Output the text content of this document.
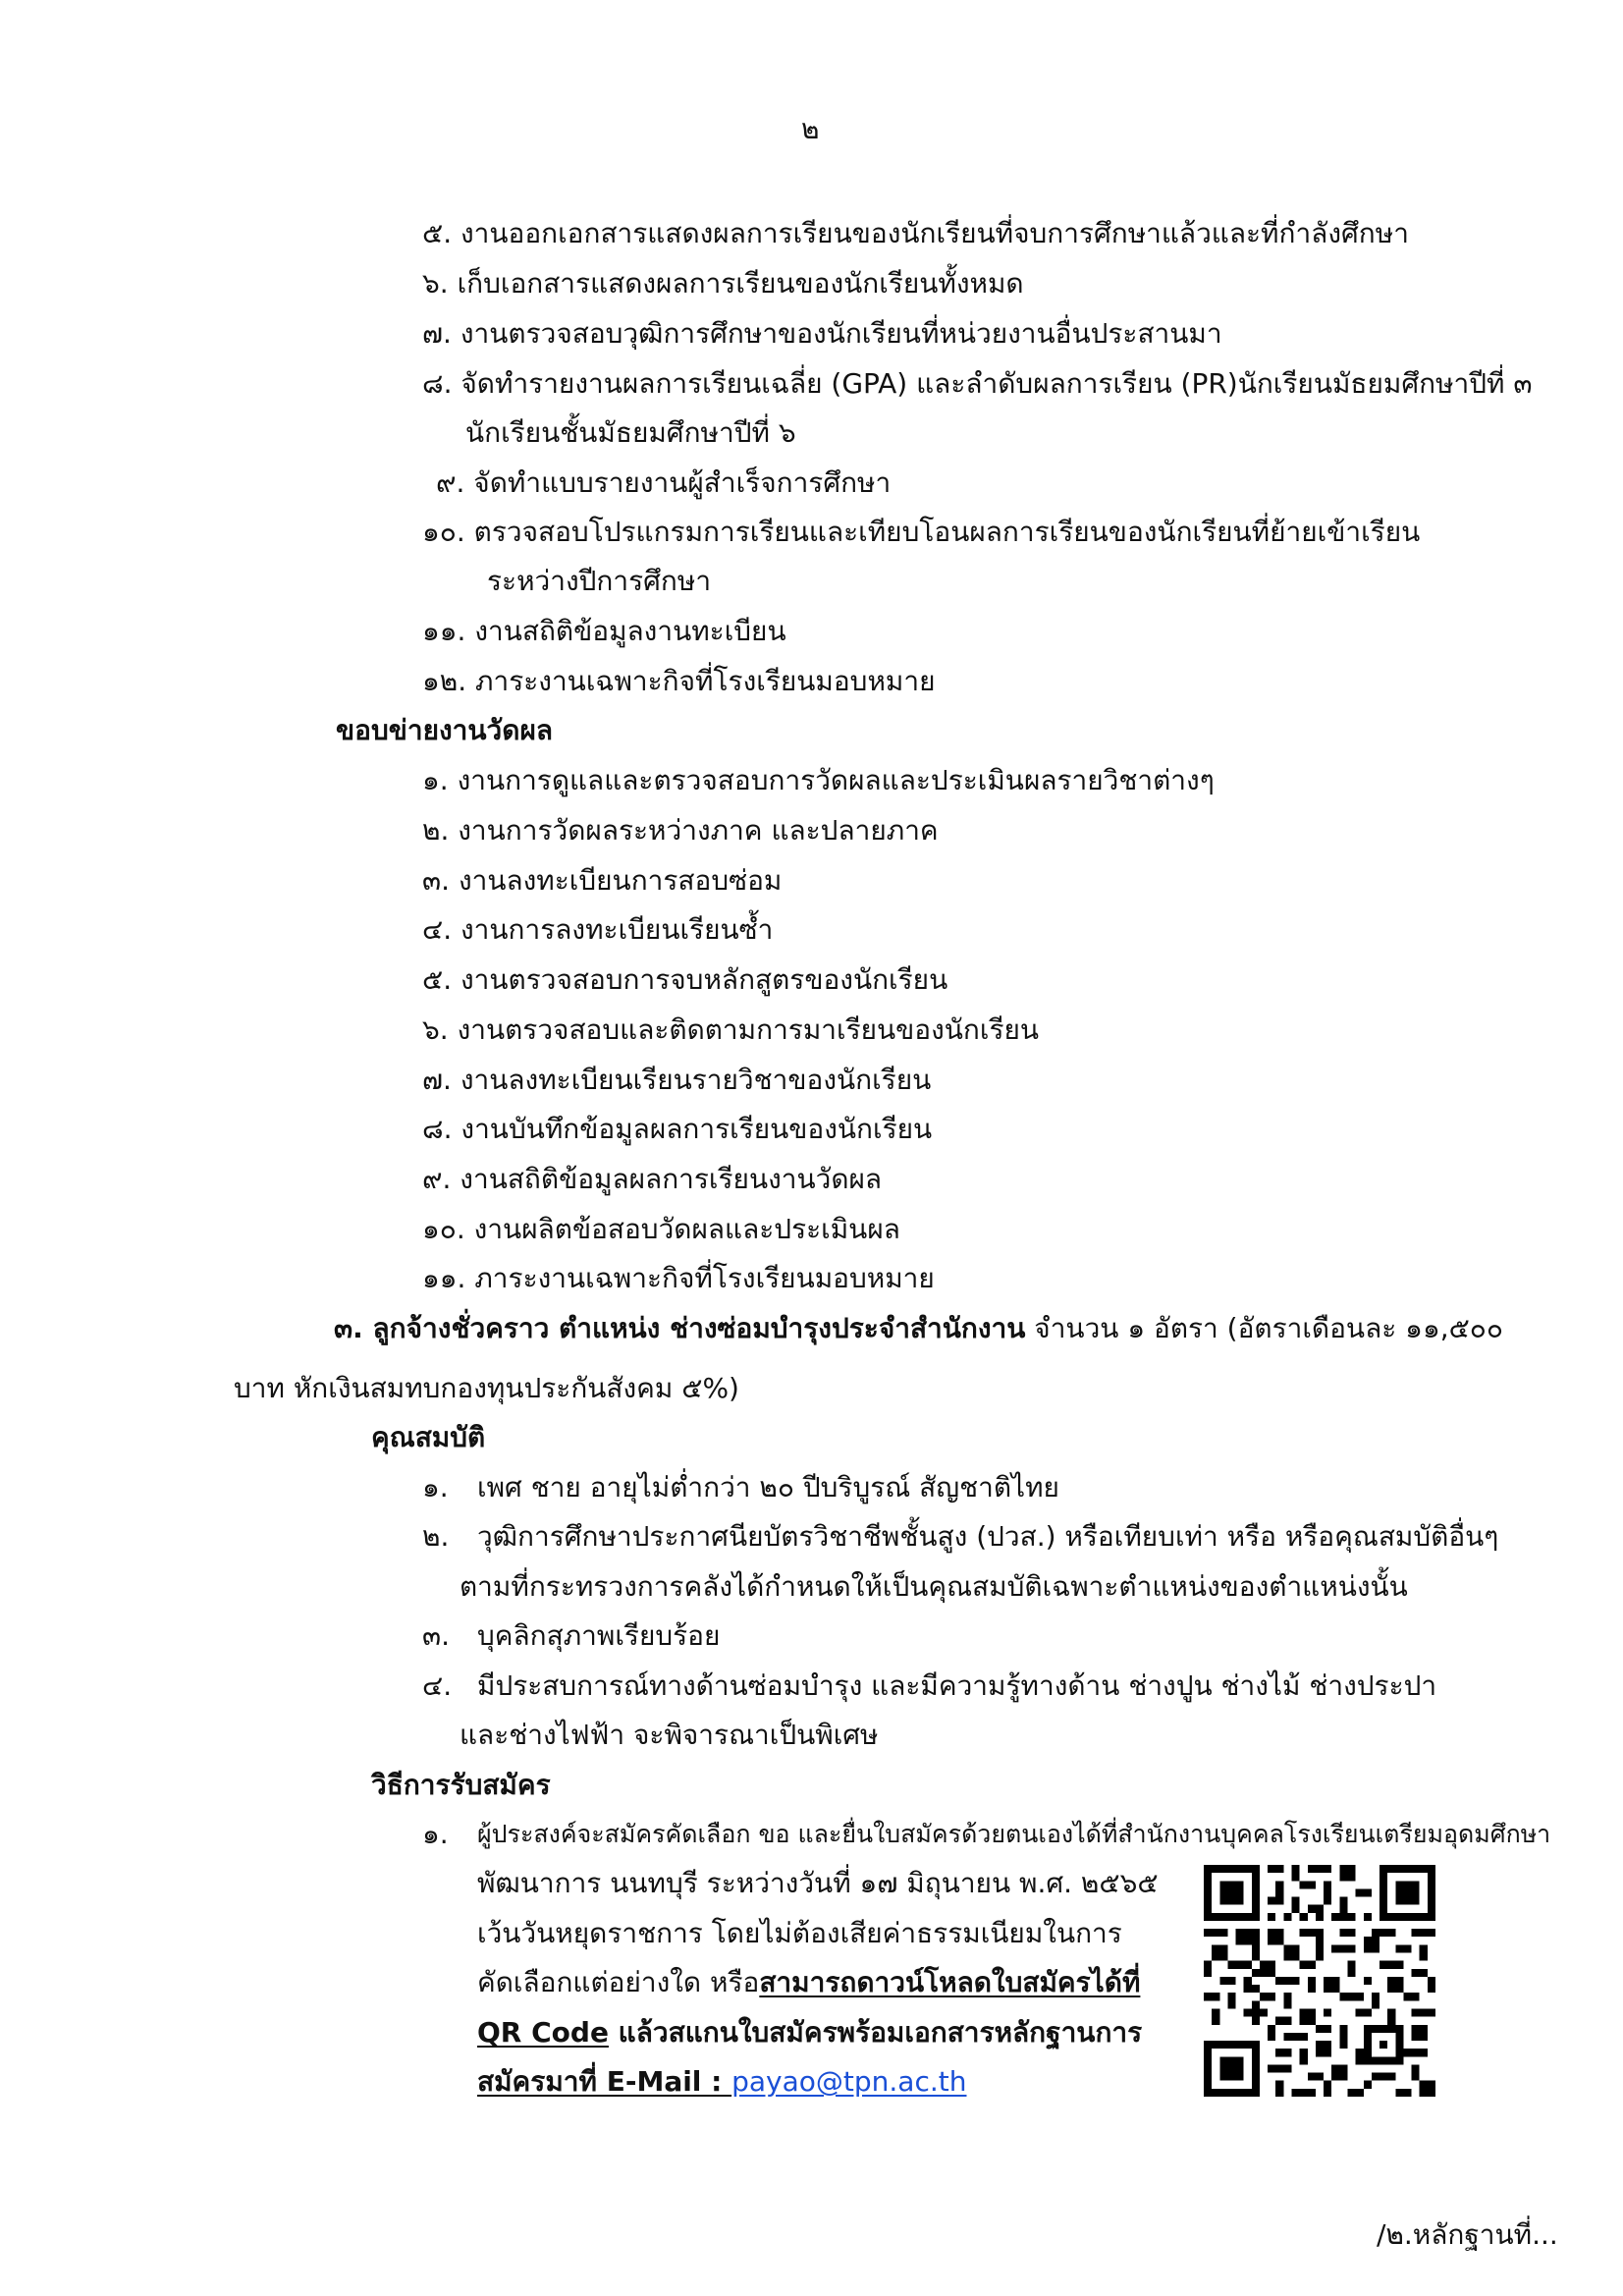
๒
๕. งานออกเอกสารแสดงผลการเรียนของนักเรียนที่จบการศึกษาแล้วและที่กำลังศึกษา
๖. เก็บเอกสารแสดงผลการเรียนของนักเรียนทั้งหมด
๗. งานตรวจสอบวุฒิการศึกษาของนักเรียนที่หน่วยงานอื่นประสานมา
๘. จัดทำรายงานผลการเรียนเฉลี่ย (GPA) และลำดับผลการเรียน (PR)นักเรียนมัธยมศึกษาปีที่ ๓
นักเรียนชั้นมัธยมศึกษาปีที่ ๖
๙. จัดทำแบบรายงานผู้สำเร็จการศึกษา
๑๐. ตรวจสอบโปรแกรมการเรียนและเทียบโอนผลการเรียนของนักเรียนที่ย้ายเข้าเรียน
ระหว่างปีการศึกษา
๑๑. งานสถิติข้อมูลงานทะเบียน
๑๒. ภาระงานเฉพาะกิจที่โรงเรียนมอบหมาย
ขอบข่ายงานวัดผล
๑. งานการดูแลและตรวจสอบการวัดผลและประเมินผลรายวิชาต่างๆ
๒. งานการวัดผลระหว่างภาค และปลายภาค
๓. งานลงทะเบียนการสอบซ่อม
๔. งานการลงทะเบียนเรียนซ้ำ
๕. งานตรวจสอบการจบหลักสูตรของนักเรียน
๖. งานตรวจสอบและติดตามการมาเรียนของนักเรียน
๗. งานลงทะเบียนเรียนรายวิชาของนักเรียน
๘. งานบันทึกข้อมูลผลการเรียนของนักเรียน
๙. งานสถิติข้อมูลผลการเรียนงานวัดผล
๑๐. งานผลิตข้อสอบวัดผลและประเมินผล
๑๑. ภาระงานเฉพาะกิจที่โรงเรียนมอบหมาย
๓. ลูกจ้างชั่วคราว ตำแหน่ง ช่างซ่อมบำรุงประจำสำนักงาน จำนวน ๑ อัตรา (อัตราเดือนละ ๑๑,๕๐๐
บาท หักเงินสมทบกองทุนประกันสังคม ๕%)
คุณสมบัติ
๑. เพศ ชาย อายุไม่ต่ำกว่า ๒๐ ปีบริบูรณ์ สัญชาติไทย
๒. วุฒิการศึกษาประกาศนียบัตรวิชาชีพชั้นสูง (ปวส.) หรือเทียบเท่า หรือ หรือคุณสมบัติอื่นๆ
ตามที่กระทรวงการคลังได้กำหนดให้เป็นคุณสมบัติเฉพาะตำแหน่งของตำแหน่งนั้น
๓. บุคลิกสุภาพเรียบร้อย
๔. มีประสบการณ์ทางด้านซ่อมบำรุง และมีความรู้ทางด้าน ช่างปูน ช่างไม้ ช่างประปา
และช่างไฟฟ้า จะพิจารณาเป็นพิเศษ
วิธีการรับสมัคร
๑. ผู้ประสงค์จะสมัครคัดเลือก ขอ และยื่นใบสมัครด้วยตนเองได้ที่สำนักงานบุคคลโรงเรียนเตรียมอุดมศึกษา
พัฒนาการ นนทบุรี ระหว่างวันที่ ๑๗ มิถุนายน พ.ศ. ๒๕๖๕
เว้นวันหยุดราชการ โดยไม่ต้องเสียค่าธรรมเนียมในการ
คัดเลือกแต่อย่างใด หรือสามารถดาวน์โหลดใบสมัครได้ที่
QR Code แล้วสแกนใบสมัครพร้อมเอกสารหลักฐานการ
สมัครมาที่ E-Mail : payao@tpn.ac.th
/๒.หลักฐานที่...
